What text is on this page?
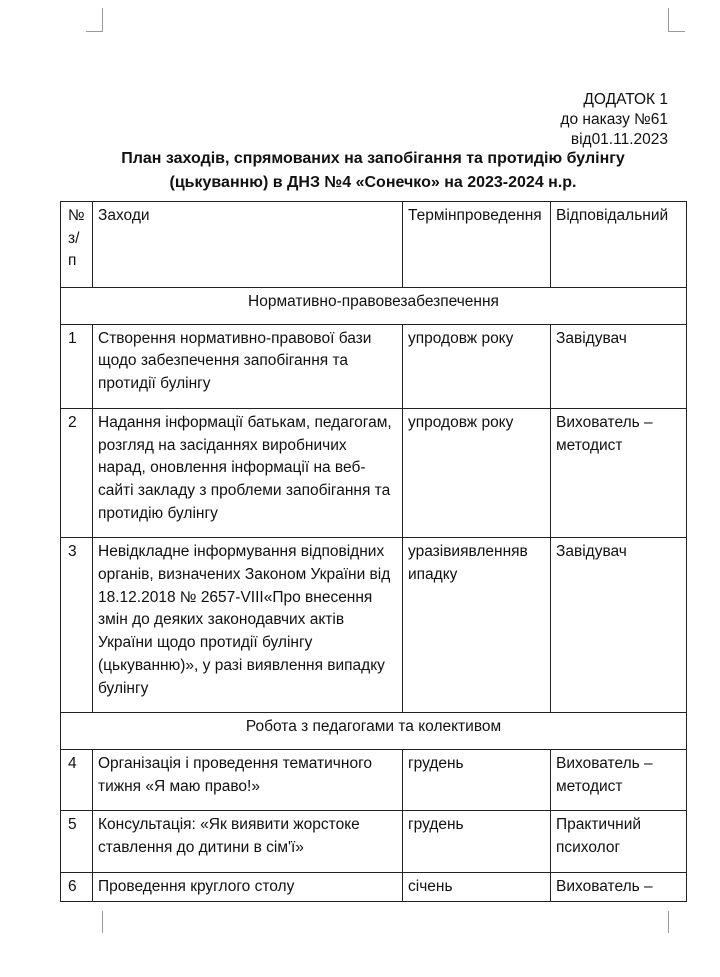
ДОДАТОК 1
до наказу №61
від01.11.2023
План заходів, спрямованих на запобігання та протидію булінгу
(цькуванню) в ДНЗ №4 «Сонечко» на 2023-2024 н.р.
№ з/п	Заходи	Термінпроведення	Відповідальний
Нормативно-правовезабезпечення			
1	Створення нормативно-правової бази щодо забезпечення запобігання та протидії булінгу	упродовж року	Завідувач
2	Надання інформації батькам, педагогам, розгляд на засіданнях виробничих нарад, оновлення інформації на веб-сайті закладу з проблеми запобігання та протидію булінгу	упродовж року	Вихователь – методист
3	Невідкладне інформування відповідних органів, визначених Законом України від 18.12.2018 № 2657-VIII«Про внесення змін до деяких законодавчих актів України щодо протидії булінгу (цькуванню)», у разі виявлення випадку булінгу	уразівиявленняв ипадку	Завідувач
Робота з педагогами та колективом			
4	Організація і проведення тематичного тижня «Я маю право!»	грудень	Вихователь – методист
5	Консультація: «Як виявити жорстоке ставлення до дитини в сім'ї»	грудень	Практичний психолог
6	Проведення круглого столу	січень	Вихователь –
